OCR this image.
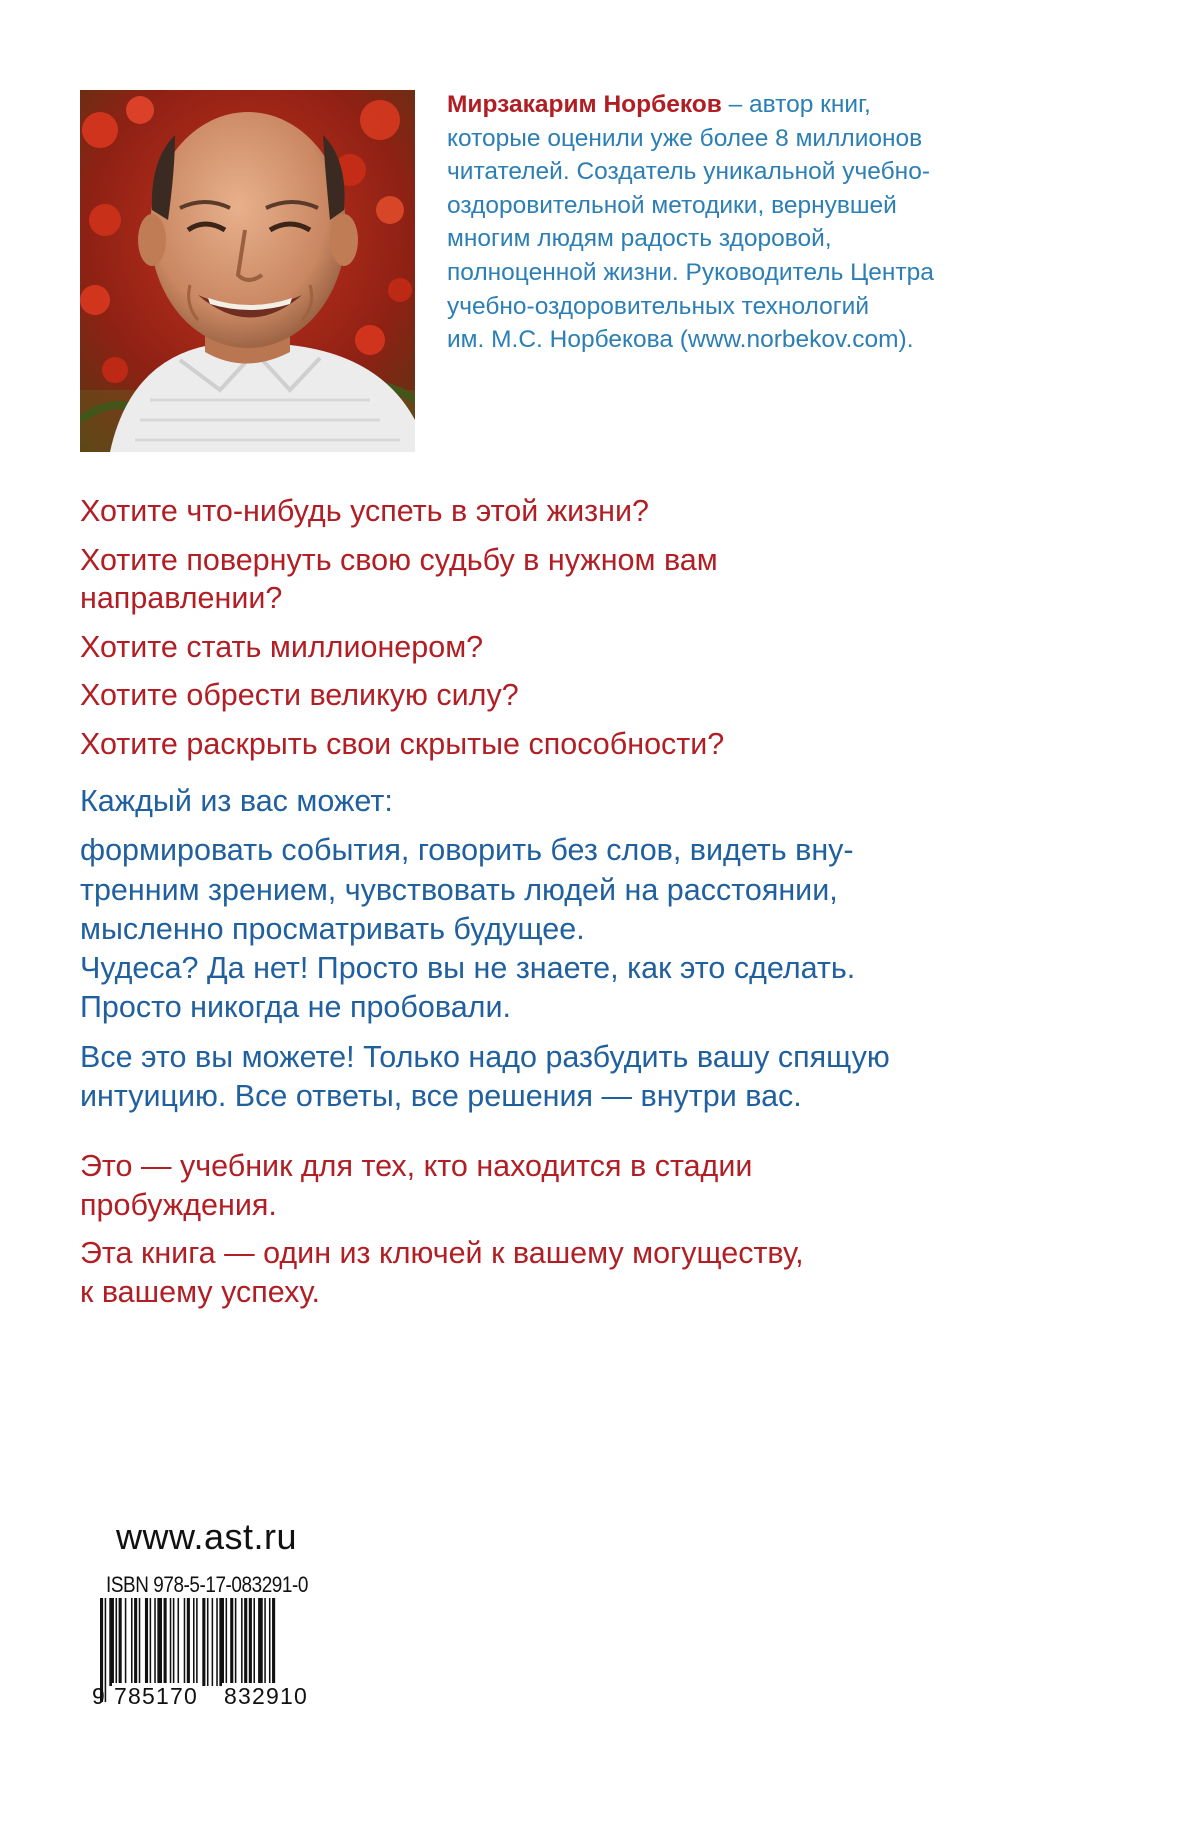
Мирзакарим Норбеков – автор книг,
которые оценили уже более 8 миллионов
читателей. Создатель уникальной учебно-
оздоровительной методики, вернувшей
многим людям радость здоровой,
полноценной жизни. Руководитель Центра
учебно-оздоровительных технологий
им. М.С. Норбекова (www.norbekov.com).

Хотите что-нибудь успеть в этой жизни?

Хотите повернуть свою судьбу в нужном вам

направлении?

Хотите стать миллионером?

Хотите обрести великую силу?

Хотите раскрыть свои скрытые способности?

Каждый из вас может:

формировать события, говорить без слов, видеть вну-

тренним зрением, чувствовать людей на расстоянии,

мысленно просматривать будущее.

Чудеса? Да нет! Просто вы не знаете, как это сделать.

Просто никогда не пробовали.

Все это вы можете! Только надо разбудить вашу спящую

интуицию. Все ответы, все решения — внутри вас.

Это — учебник для тех, кто находится в стадии

пробуждения.

Эта книга — один из ключей к вашему могуществу,

к вашему успеху.

www.ast.ru
ISBN 978-5-17-083291-0
9 785170 832910
